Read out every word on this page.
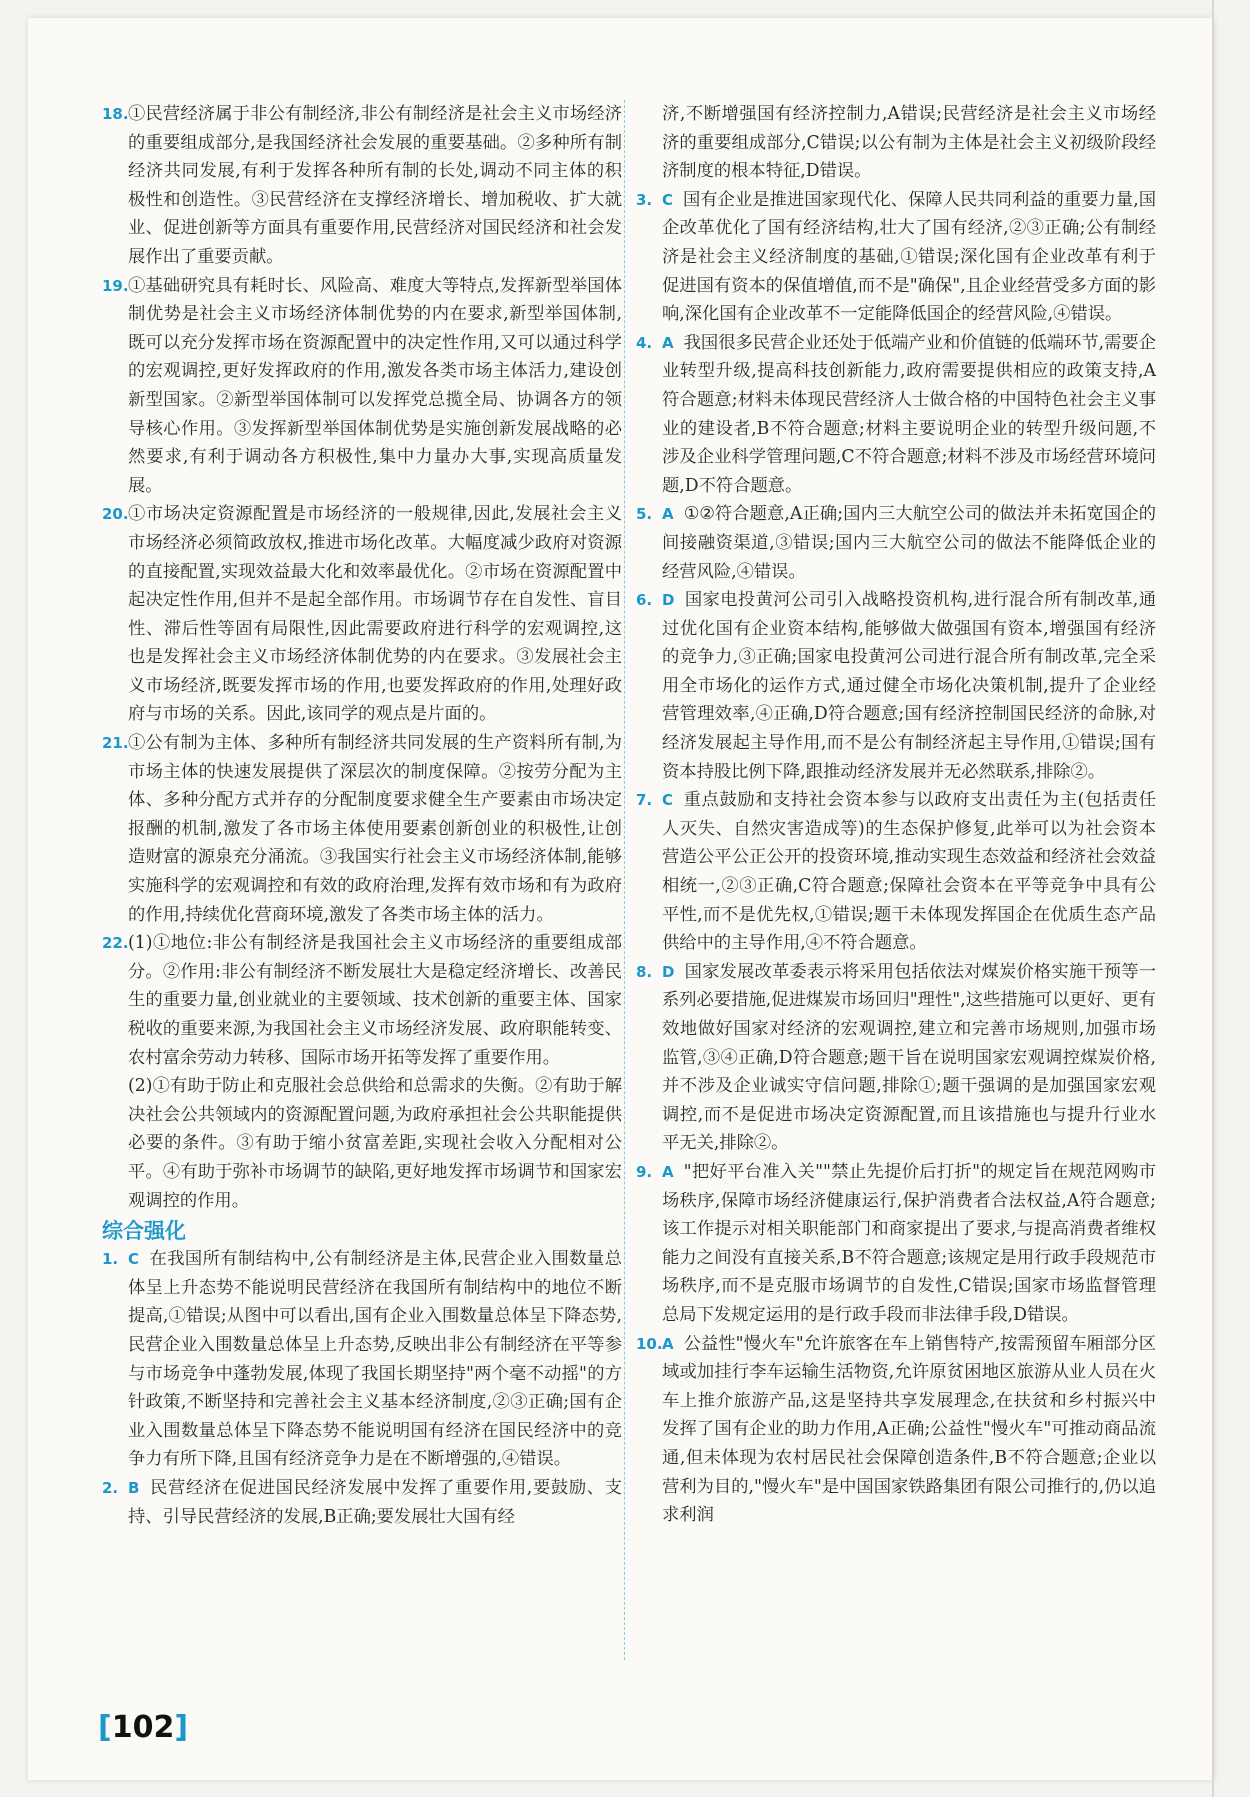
18. ①民营经济属于非公有制经济,非公有制经济是社会主义市场经济的重要组成部分,是我国经济社会发展的重要基础。②多种所有制经济共同发展,有利于发挥各种所有制的长处,调动不同主体的积极性和创造性。③民营经济在支撑经济增长、增加税收、扩大就业、促进创新等方面具有重要作用,民营经济对国民经济和社会发展作出了重要贡献。

19. ①基础研究具有耗时长、风险高、难度大等特点,发挥新型举国体制优势是社会主义市场经济体制优势的内在要求,新型举国体制,既可以充分发挥市场在资源配置中的决定性作用,又可以通过科学的宏观调控,更好发挥政府的作用,激发各类市场主体活力,建设创新型国家。②新型举国体制可以发挥党总揽全局、协调各方的领导核心作用。③发挥新型举国体制优势是实施创新发展战略的必然要求,有利于调动各方积极性,集中力量办大事,实现高质量发展。

20. ①市场决定资源配置是市场经济的一般规律,因此,发展社会主义市场经济必须简政放权,推进市场化改革。大幅度减少政府对资源的直接配置,实现效益最大化和效率最优化。②市场在资源配置中起决定性作用,但并不是起全部作用。市场调节存在自发性、盲目性、滞后性等固有局限性,因此需要政府进行科学的宏观调控,这也是发挥社会主义市场经济体制优势的内在要求。③发展社会主义市场经济,既要发挥市场的作用,也要发挥政府的作用,处理好政府与市场的关系。因此,该同学的观点是片面的。

21. ①公有制为主体、多种所有制经济共同发展的生产资料所有制,为市场主体的快速发展提供了深层次的制度保障。②按劳分配为主体、多种分配方式并存的分配制度要求健全生产要素由市场决定报酬的机制,激发了各市场主体使用要素创新创业的积极性,让创造财富的源泉充分涌流。③我国实行社会主义市场经济体制,能够实施科学的宏观调控和有效的政府治理,发挥有效市场和有为政府的作用,持续优化营商环境,激发了各类市场主体的活力。

22. (1)①地位:非公有制经济是我国社会主义市场经济的重要组成部分。②作用:非公有制经济不断发展壮大是稳定经济增长、改善民生的重要力量,创业就业的主要领域、技术创新的重要主体、国家税收的重要来源,为我国社会主义市场经济发展、政府职能转变、农村富余劳动力转移、国际市场开拓等发挥了重要作用。

(2)①有助于防止和克服社会总供给和总需求的失衡。②有助于解决社会公共领域内的资源配置问题,为政府承担社会公共职能提供必要的条件。③有助于缩小贫富差距,实现社会收入分配相对公平。④有助于弥补市场调节的缺陷,更好地发挥市场调节和国家宏观调控的作用。

综合强化

1. C 在我国所有制结构中,公有制经济是主体,民营企业入围数量总体呈上升态势不能说明民营经济在我国所有制结构中的地位不断提高,①错误;从图中可以看出,国有企业入围数量总体呈下降态势,民营企业入围数量总体呈上升态势,反映出非公有制经济在平等参与市场竞争中蓬勃发展,体现了我国长期坚持"两个毫不动摇"的方针政策,不断坚持和完善社会主义基本经济制度,②③正确;国有企业入围数量总体呈下降态势不能说明国有经济在国民经济中的竞争力有所下降,且国有经济竞争力是在不断增强的,④错误。

2. B 民营经济在促进国民经济发展中发挥了重要作用,要鼓励、支持、引导民营经济的发展,B正确;要发展壮大国有经

济,不断增强国有经济控制力,A错误;民营经济是社会主义市场经济的重要组成部分,C错误;以公有制为主体是社会主义初级阶段经济制度的根本特征,D错误。

3. C 国有企业是推进国家现代化、保障人民共同利益的重要力量,国企改革优化了国有经济结构,壮大了国有经济,②③正确;公有制经济是社会主义经济制度的基础,①错误;深化国有企业改革有利于促进国有资本的保值增值,而不是"确保",且企业经营受多方面的影响,深化国有企业改革不一定能降低国企的经营风险,④错误。

4. A 我国很多民营企业还处于低端产业和价值链的低端环节,需要企业转型升级,提高科技创新能力,政府需要提供相应的政策支持,A符合题意;材料未体现民营经济人士做合格的中国特色社会主义事业的建设者,B不符合题意;材料主要说明企业的转型升级问题,不涉及企业科学管理问题,C不符合题意;材料不涉及市场经营环境问题,D不符合题意。

5. A ①②符合题意,A正确;国内三大航空公司的做法并未拓宽国企的间接融资渠道,③错误;国内三大航空公司的做法不能降低企业的经营风险,④错误。

6. D 国家电投黄河公司引入战略投资机构,进行混合所有制改革,通过优化国有企业资本结构,能够做大做强国有资本,增强国有经济的竞争力,③正确;国家电投黄河公司进行混合所有制改革,完全采用全市场化的运作方式,通过健全市场化决策机制,提升了企业经营管理效率,④正确,D符合题意;国有经济控制国民经济的命脉,对经济发展起主导作用,而不是公有制经济起主导作用,①错误;国有资本持股比例下降,跟推动经济发展并无必然联系,排除②。

7. C 重点鼓励和支持社会资本参与以政府支出责任为主(包括责任人灭失、自然灾害造成等)的生态保护修复,此举可以为社会资本营造公平公正公开的投资环境,推动实现生态效益和经济社会效益相统一,②③正确,C符合题意;保障社会资本在平等竞争中具有公平性,而不是优先权,①错误;题干未体现发挥国企在优质生态产品供给中的主导作用,④不符合题意。

8. D 国家发展改革委表示将采用包括依法对煤炭价格实施干预等一系列必要措施,促进煤炭市场回归"理性",这些措施可以更好、更有效地做好国家对经济的宏观调控,建立和完善市场规则,加强市场监管,③④正确,D符合题意;题干旨在说明国家宏观调控煤炭价格,并不涉及企业诚实守信问题,排除①;题干强调的是加强国家宏观调控,而不是促进市场决定资源配置,而且该措施也与提升行业水平无关,排除②。

9. A "把好平台准入关""禁止先提价后打折"的规定旨在规范网购市场秩序,保障市场经济健康运行,保护消费者合法权益,A符合题意;该工作提示对相关职能部门和商家提出了要求,与提高消费者维权能力之间没有直接关系,B不符合题意;该规定是用行政手段规范市场秩序,而不是克服市场调节的自发性,C错误;国家市场监督管理总局下发规定运用的是行政手段而非法律手段,D错误。

10. A 公益性"慢火车"允许旅客在车上销售特产,按需预留车厢部分区域或加挂行李车运输生活物资,允许原贫困地区旅游从业人员在火车上推介旅游产品,这是坚持共享发展理念,在扶贫和乡村振兴中发挥了国有企业的助力作用,A正确;公益性"慢火车"可推动商品流通,但未体现为农村居民社会保障创造条件,B不符合题意;企业以营利为目的,"慢火车"是中国国家铁路集团有限公司推行的,仍以追求利润

[102]
